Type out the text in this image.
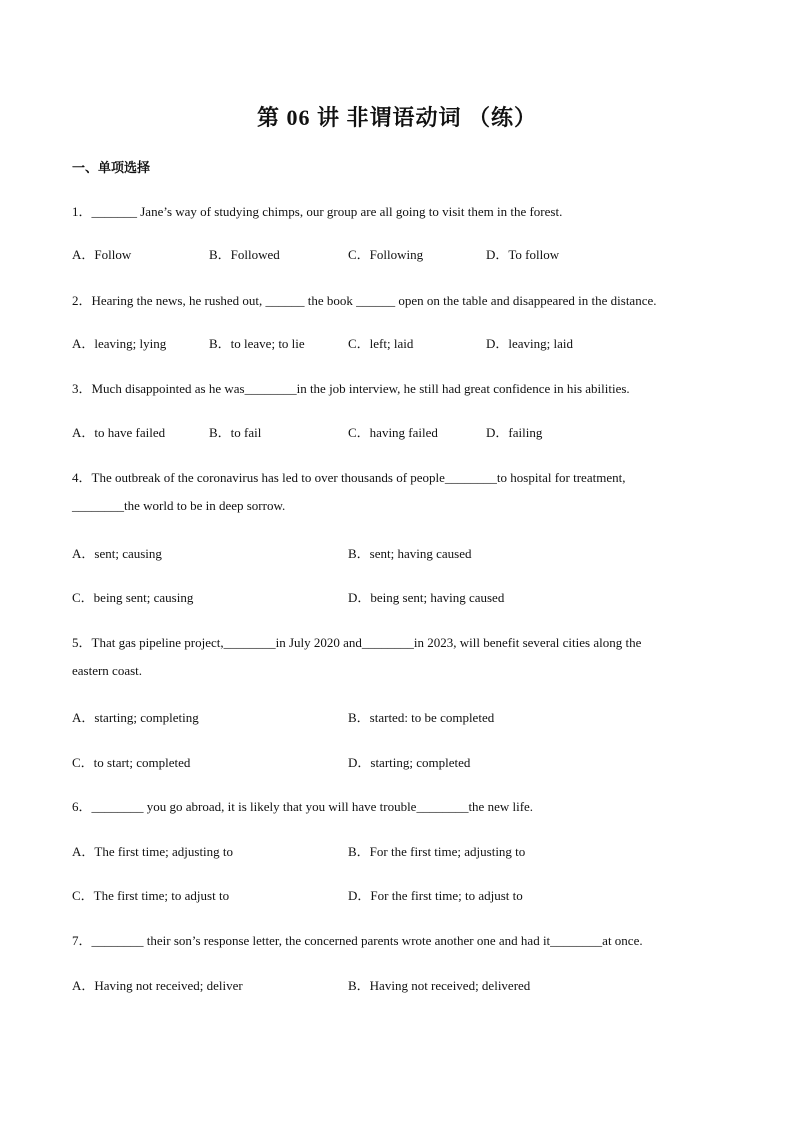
第 06 讲 非谓语动词 （练）
一、单项选择
1．_______ Jane’s way of studying chimps, our group are all going to visit them in the forest.
A．Follow	B．Followed	C．Following	D．To follow
2．Hearing the news, he rushed out, ______ the book ______ open on the table and disappeared in the distance.
A．leaving; lying	B．to leave; to lie	C．left; laid	D．leaving; laid
3．Much disappointed as he was________in the job interview, he still had great confidence in his abilities.
A．to have failed	B．to fail	C．having failed	D．failing
4．The outbreak of the coronavirus has led to over thousands of people________to hospital for treatment,
________the world to be in deep sorrow.
A．sent; causing	B．sent; having caused
C．being sent; causing	D．being sent; having caused
5．That gas pipeline project,________in July 2020 and________in 2023, will benefit several cities along the
eastern coast.
A．starting; completing	B．started: to be completed
C．to start; completed	D．starting; completed
6．________ you go abroad, it is likely that you will have trouble________the new life.
A．The first time; adjusting to	B．For the first time; adjusting to
C．The first time; to adjust to	D．For the first time; to adjust to
7．________ their son’s response letter, the concerned parents wrote another one and had it________at once.
A．Having not received; deliver	B．Having not received; delivered
